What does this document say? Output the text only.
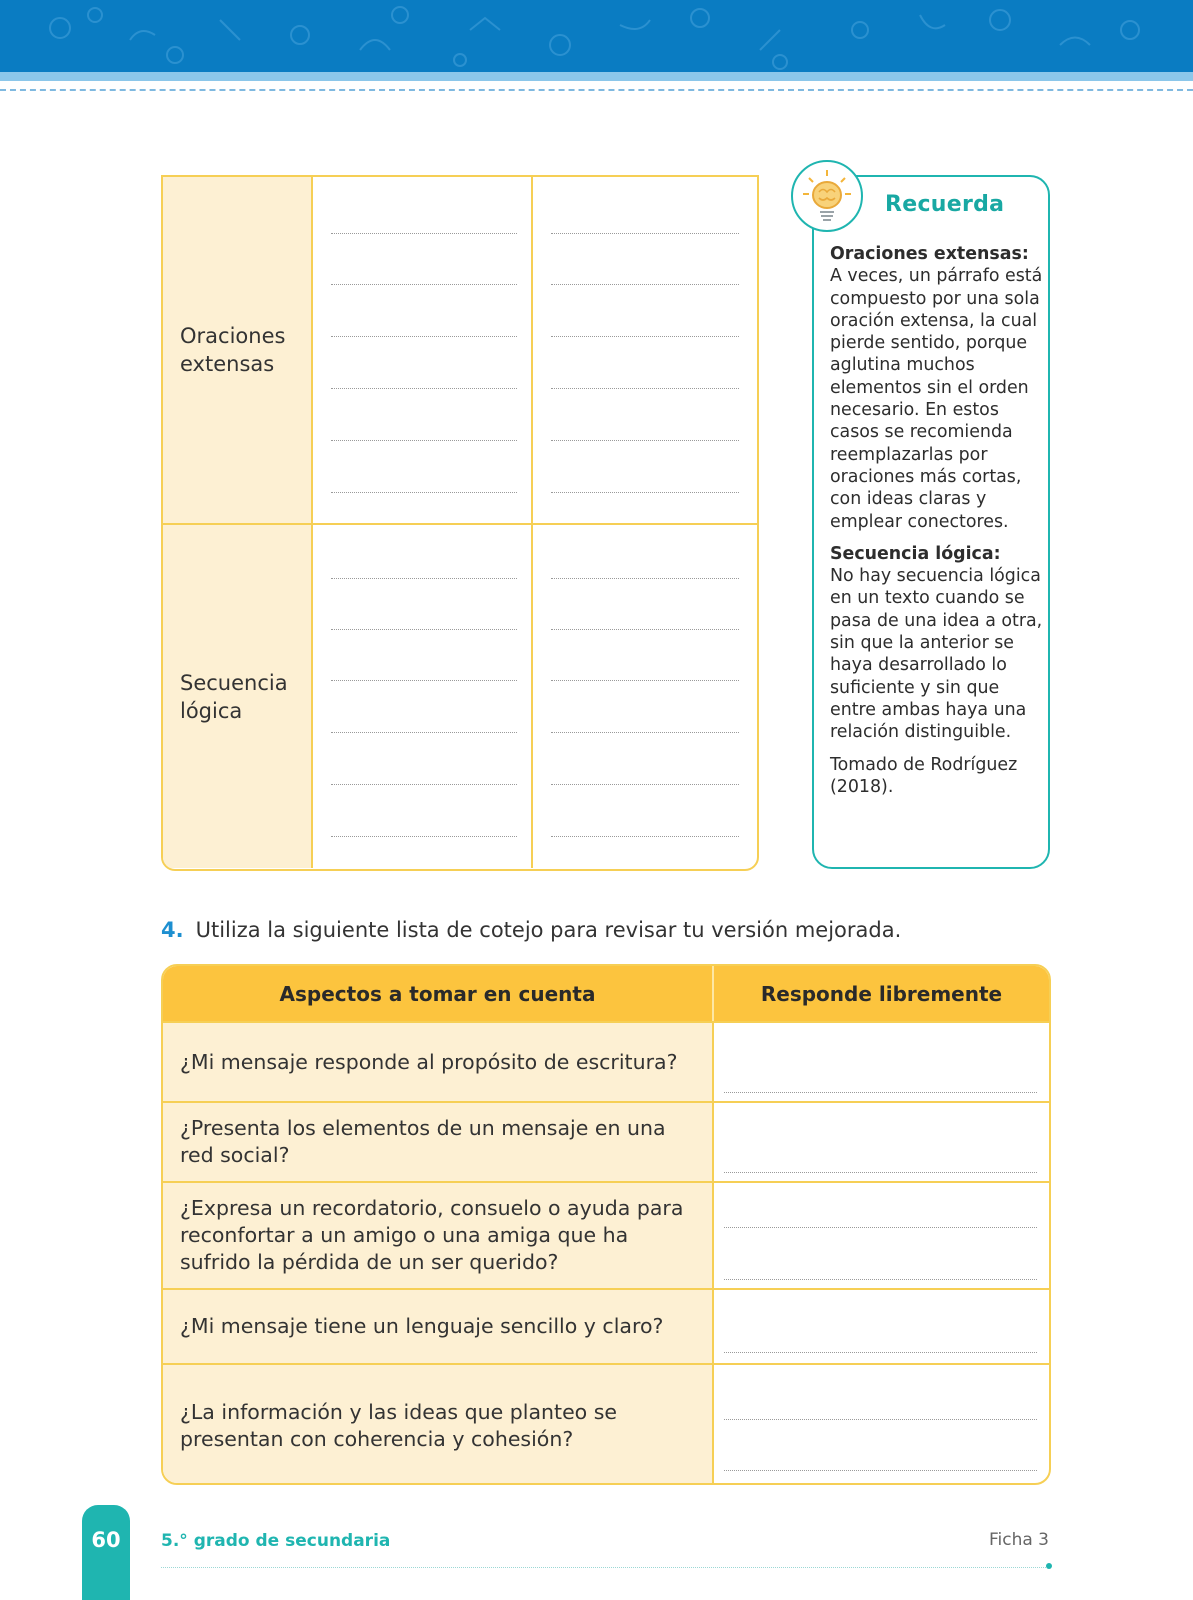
Oraciones
extensas
Secuencia
lógica
Recuerda

Oraciones extensas:
A veces, un párrafo está compuesto por una sola oración extensa, la cual pierde sentido, porque aglutina muchos elementos sin el orden necesario. En estos casos se recomienda reemplazarlas por oraciones más cortas, con ideas claras y emplear conectores.

Secuencia lógica:
No hay secuencia lógica en un texto cuando se pasa de una idea a otra, sin que la anterior se haya desarrollado lo suficiente y sin que entre ambas haya una relación distinguible.

Tomado de Rodríguez (2018).

4. Utiliza la siguiente lista de cotejo para revisar tu versión mejorada.
Aspectos a tomar en cuenta	Responde libremente
¿Mi mensaje responde al propósito de escritura?
¿Presenta los elementos de un mensaje en una red social?
¿Expresa un recordatorio, consuelo o ayuda para reconfortar a un amigo o una amiga que ha sufrido la pérdida de un ser querido?
¿Mi mensaje tiene un lenguaje sencillo y claro?
¿La información y las ideas que planteo se presentan con coherencia y cohesión?
60	5.° grado de secundaria	Ficha 3
